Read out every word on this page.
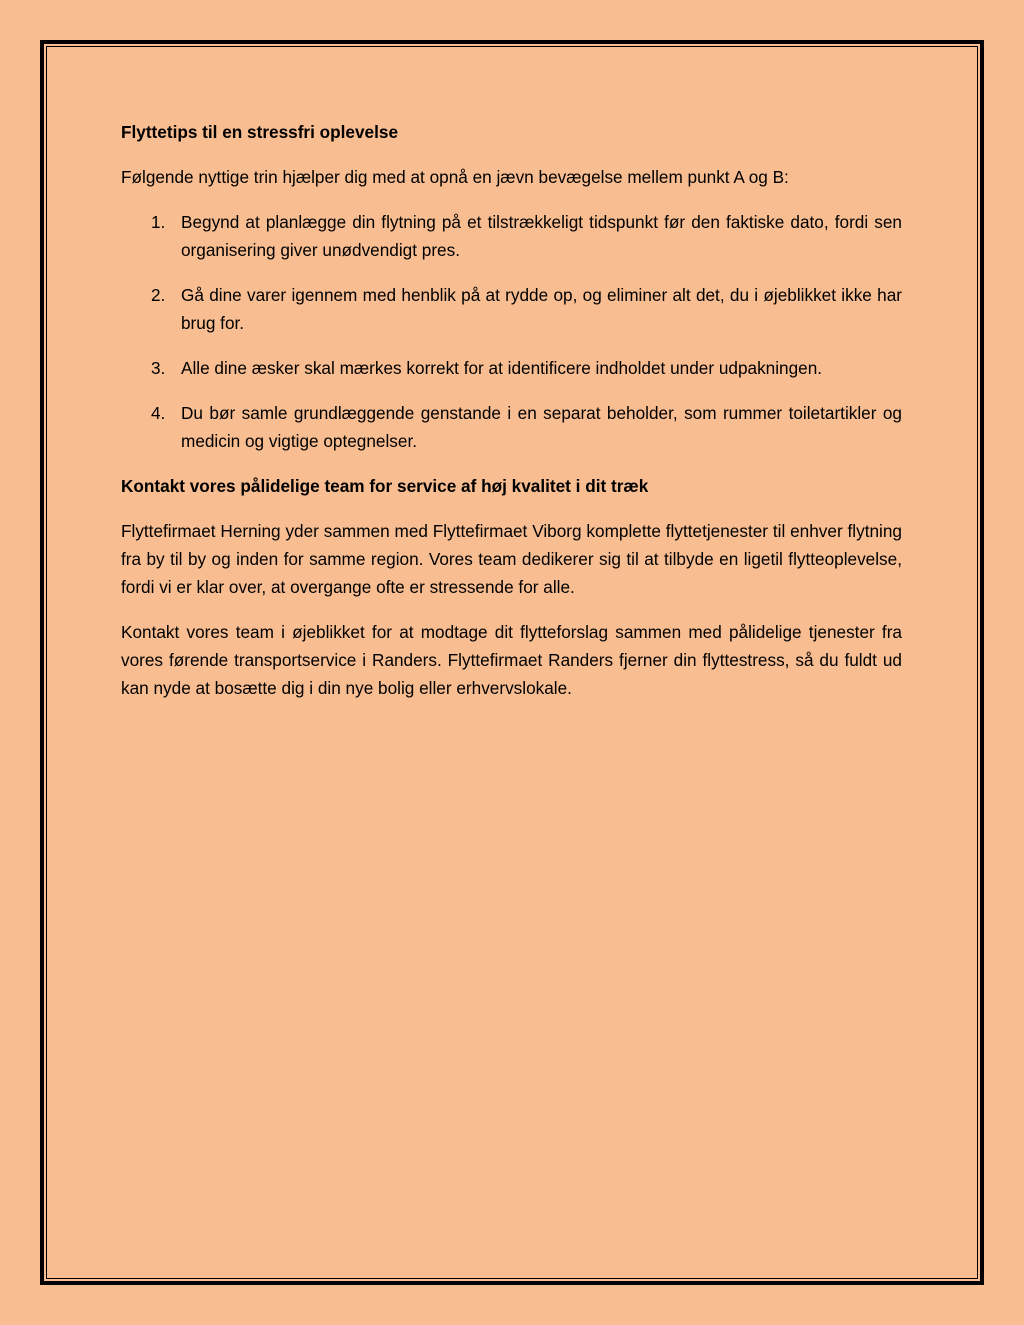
Flyttetips til en stressfri oplevelse

Følgende nyttige trin hjælper dig med at opnå en jævn bevægelse mellem punkt A og B:

1. Begynd at planlægge din flytning på et tilstrækkeligt tidspunkt før den faktiske dato, fordi sen organisering giver unødvendigt pres.
2. Gå dine varer igennem med henblik på at rydde op, og eliminer alt det, du i øjeblikket ikke har brug for.
3. Alle dine æsker skal mærkes korrekt for at identificere indholdet under udpakningen.
4. Du bør samle grundlæggende genstande i en separat beholder, som rummer toiletartikler og medicin og vigtige optegnelser.

Kontakt vores pålidelige team for service af høj kvalitet i dit træk

Flyttefirmaet Herning yder sammen med Flyttefirmaet Viborg komplette flyttetjenester til enhver flytning fra by til by og inden for samme region. Vores team dedikerer sig til at tilbyde en ligetil flytteoplevelse, fordi vi er klar over, at overgange ofte er stressende for alle.

Kontakt vores team i øjeblikket for at modtage dit flytteforslag sammen med pålidelige tjenester fra vores førende transportservice i Randers. Flyttefirmaet Randers fjerner din flyttestress, så du fuldt ud kan nyde at bosætte dig i din nye bolig eller erhvervslokale.
